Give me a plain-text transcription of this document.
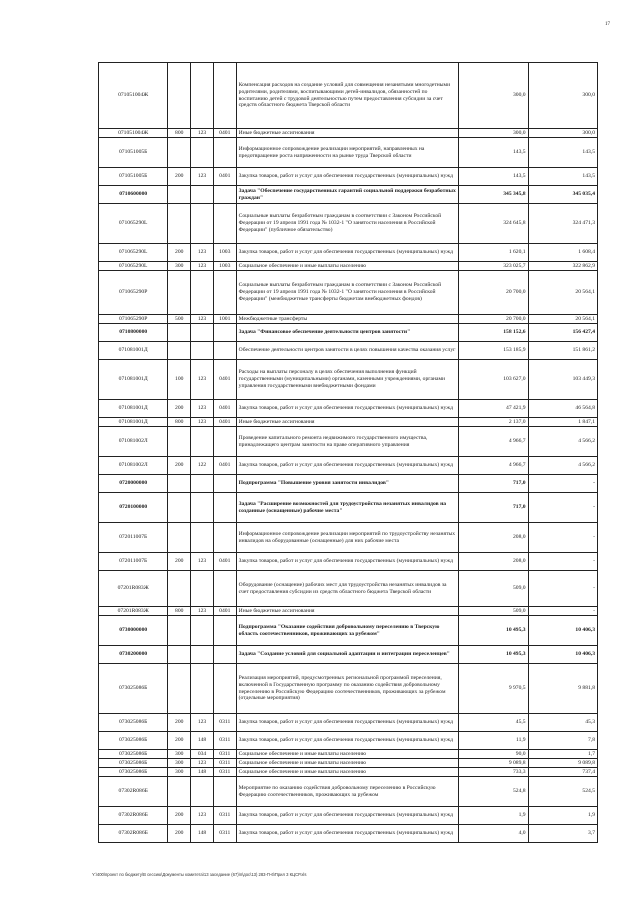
17
071051004Ж				Компенсация расходов на создание условий для совмещения незанятыми многодетными родителями, родителями, воспитывающими детей-инвалидов, обязанностей по воспитанию детей с трудовой деятельностью путем предоставления субсидии за счет средств областного бюджета Тверской области	300,0	300,0
071051004Ж	800	123	0401	Иные бюджетные ассигнования	300,0	300,0
071051005Б				Информационное сопровождение реализации мероприятий, направленных на предотвращение роста напряженности на рынке труда Тверской области	143,5	143,5
071051005Б	200	123	0401	Закупка товаров, работ и услуг для обеспечения государственных (муниципальных) нужд	143,5	143,5
0710600000				Задача "Обеспечение государственных гарантий социальной поддержки безработных граждан"	345 345,8	345 035,4
071065290L				Социальные выплаты безработным гражданам в соответствии с Законом Российской Федерации от 19 апреля 1991 года № 1032-1 "О занятости населения в Российской Федерации" (публичное обязательство)	324 645,8	324 471,3
071065290L	200	123	1003	Закупка товаров, работ и услуг для обеспечения государственных (муниципальных) нужд	1 620,1	1 608,4
071065290L	300	123	1003	Социальное обеспечение и иные выплаты населению	323 025,7	322 862,9
071065290Р				Социальные выплаты безработным гражданам в соответствии с Законом Российской Федерации от 19 апреля 1991 года № 1032-1 "О занятости населения в Российской Федерации" (межбюджетные трансферты бюджетам внебюджетных фондов)	20 700,0	20 564,1
071065290Р	500	123	1001	Межбюджетные трансферты	20 700,0	20 564,1
0710800000				Задача "Финансовое обеспечение деятельности центров занятости"	158 152,6	156 427,4
071081001Д				Обеспечение деятельности центров занятости в целях повышения качества оказания услуг	153 185,9	151 861,2
071081001Д	100	123	0401	Расходы на выплаты персоналу в целях обеспечения выполнения функций государственными (муниципальными) органами, казенными учреждениями, органами управления государственными внебюджетными фондами	103 627,0	103 449,3
071081001Д	200	123	0401	Закупка товаров, работ и услуг для обеспечения государственных (муниципальных) нужд	47 421,9	46 564,8
071081001Д	800	123	0401	Иные бюджетные ассигнования	2 137,0	1 847,1
071081002Л				Проведение капитального ремонта недвижимого государственного имущества, принадлежащего центрам занятости на праве оперативного управления	4 966,7	4 566,2
071081002Л	200	122	0401	Закупка товаров, работ и услуг для обеспечения государственных (муниципальных) нужд	4 966,7	4 566,2
0720000000				Подпрограмма "Повышение уровня занятости инвалидов"	717,0	-
0720100000				Задача "Расширение возможностей для трудоустройства незанятых инвалидов на созданные (оснащенные) рабочие места"	717,0	-
072011007Б				Информационное сопровождение реализации мероприятий по трудоустройству незанятых инвалидов на оборудованные (оснащенные) для них рабочие места	208,0	-
072011007Б	200	123	0401	Закупка товаров, работ и услуг для обеспечения государственных (муниципальных) нужд	208,0	-
07201R083Ж				Оборудование (оснащение) рабочих мест для трудоустройства незанятых инвалидов за счет предоставления субсидии из средств областного бюджета Тверской области	509,0	-
07201R083Ж	800	123	0401	Иные бюджетные ассигнования	509,0	-
0730000000				Подпрограмма "Оказание содействия добровольному переселению в Тверскую область соотечественников, проживающих за рубежом"	10 495,3	10 406,3
0730200000				Задача "Создание условий для социальной адаптации и интеграции переселенцев"	10 495,3	10 406,3
073025086Б				Реализация мероприятий, предусмотренных региональной программой переселения, включенной в Государственную программу по оказанию содействия добровольному переселению в Российскую Федерацию соотечественников, проживающих за рубежом (отдельные мероприятия)	9 970,5	9 881,8
073025086Б	200	123	0311	Закупка товаров, работ и услуг для обеспечения государственных (муниципальных) нужд	45,5	45,3
073025086Б	200	148	0311	Закупка товаров, работ и услуг для обеспечения государственных (муниципальных) нужд	11,9	7,8
073025086Б	300	034	0311	Социальное обеспечение и иные выплаты населению	90,0	1,7
073025086Б	300	123	0311	Социальное обеспечение и иные выплаты населению	9 089,8	9 089,8
073025086Б	300	148	0311	Социальное обеспечение и иные выплаты населению	733,3	737,4
07302R086Б				Мероприятие по оказанию содействия добровольному переселению в Российскую Федерацию соотечественников, проживающих за рубежом	524,8	524,5
07302R086Б	200	123	0311	Закупка товаров, работ и услуг для обеспечения государственных (муниципальных) нужд	1,9	1,9
07302R086Б	200	148	0311	Закупка товаров, работ и услуг для обеспечения государственных (муниципальных) нужд	4,0	3,7
Y:\400\проект по бюджету\В сессию\Документы комитета\13 заседание (67)\п\дос\13) 283-П-6\Прил 3 КЦСР.xls
